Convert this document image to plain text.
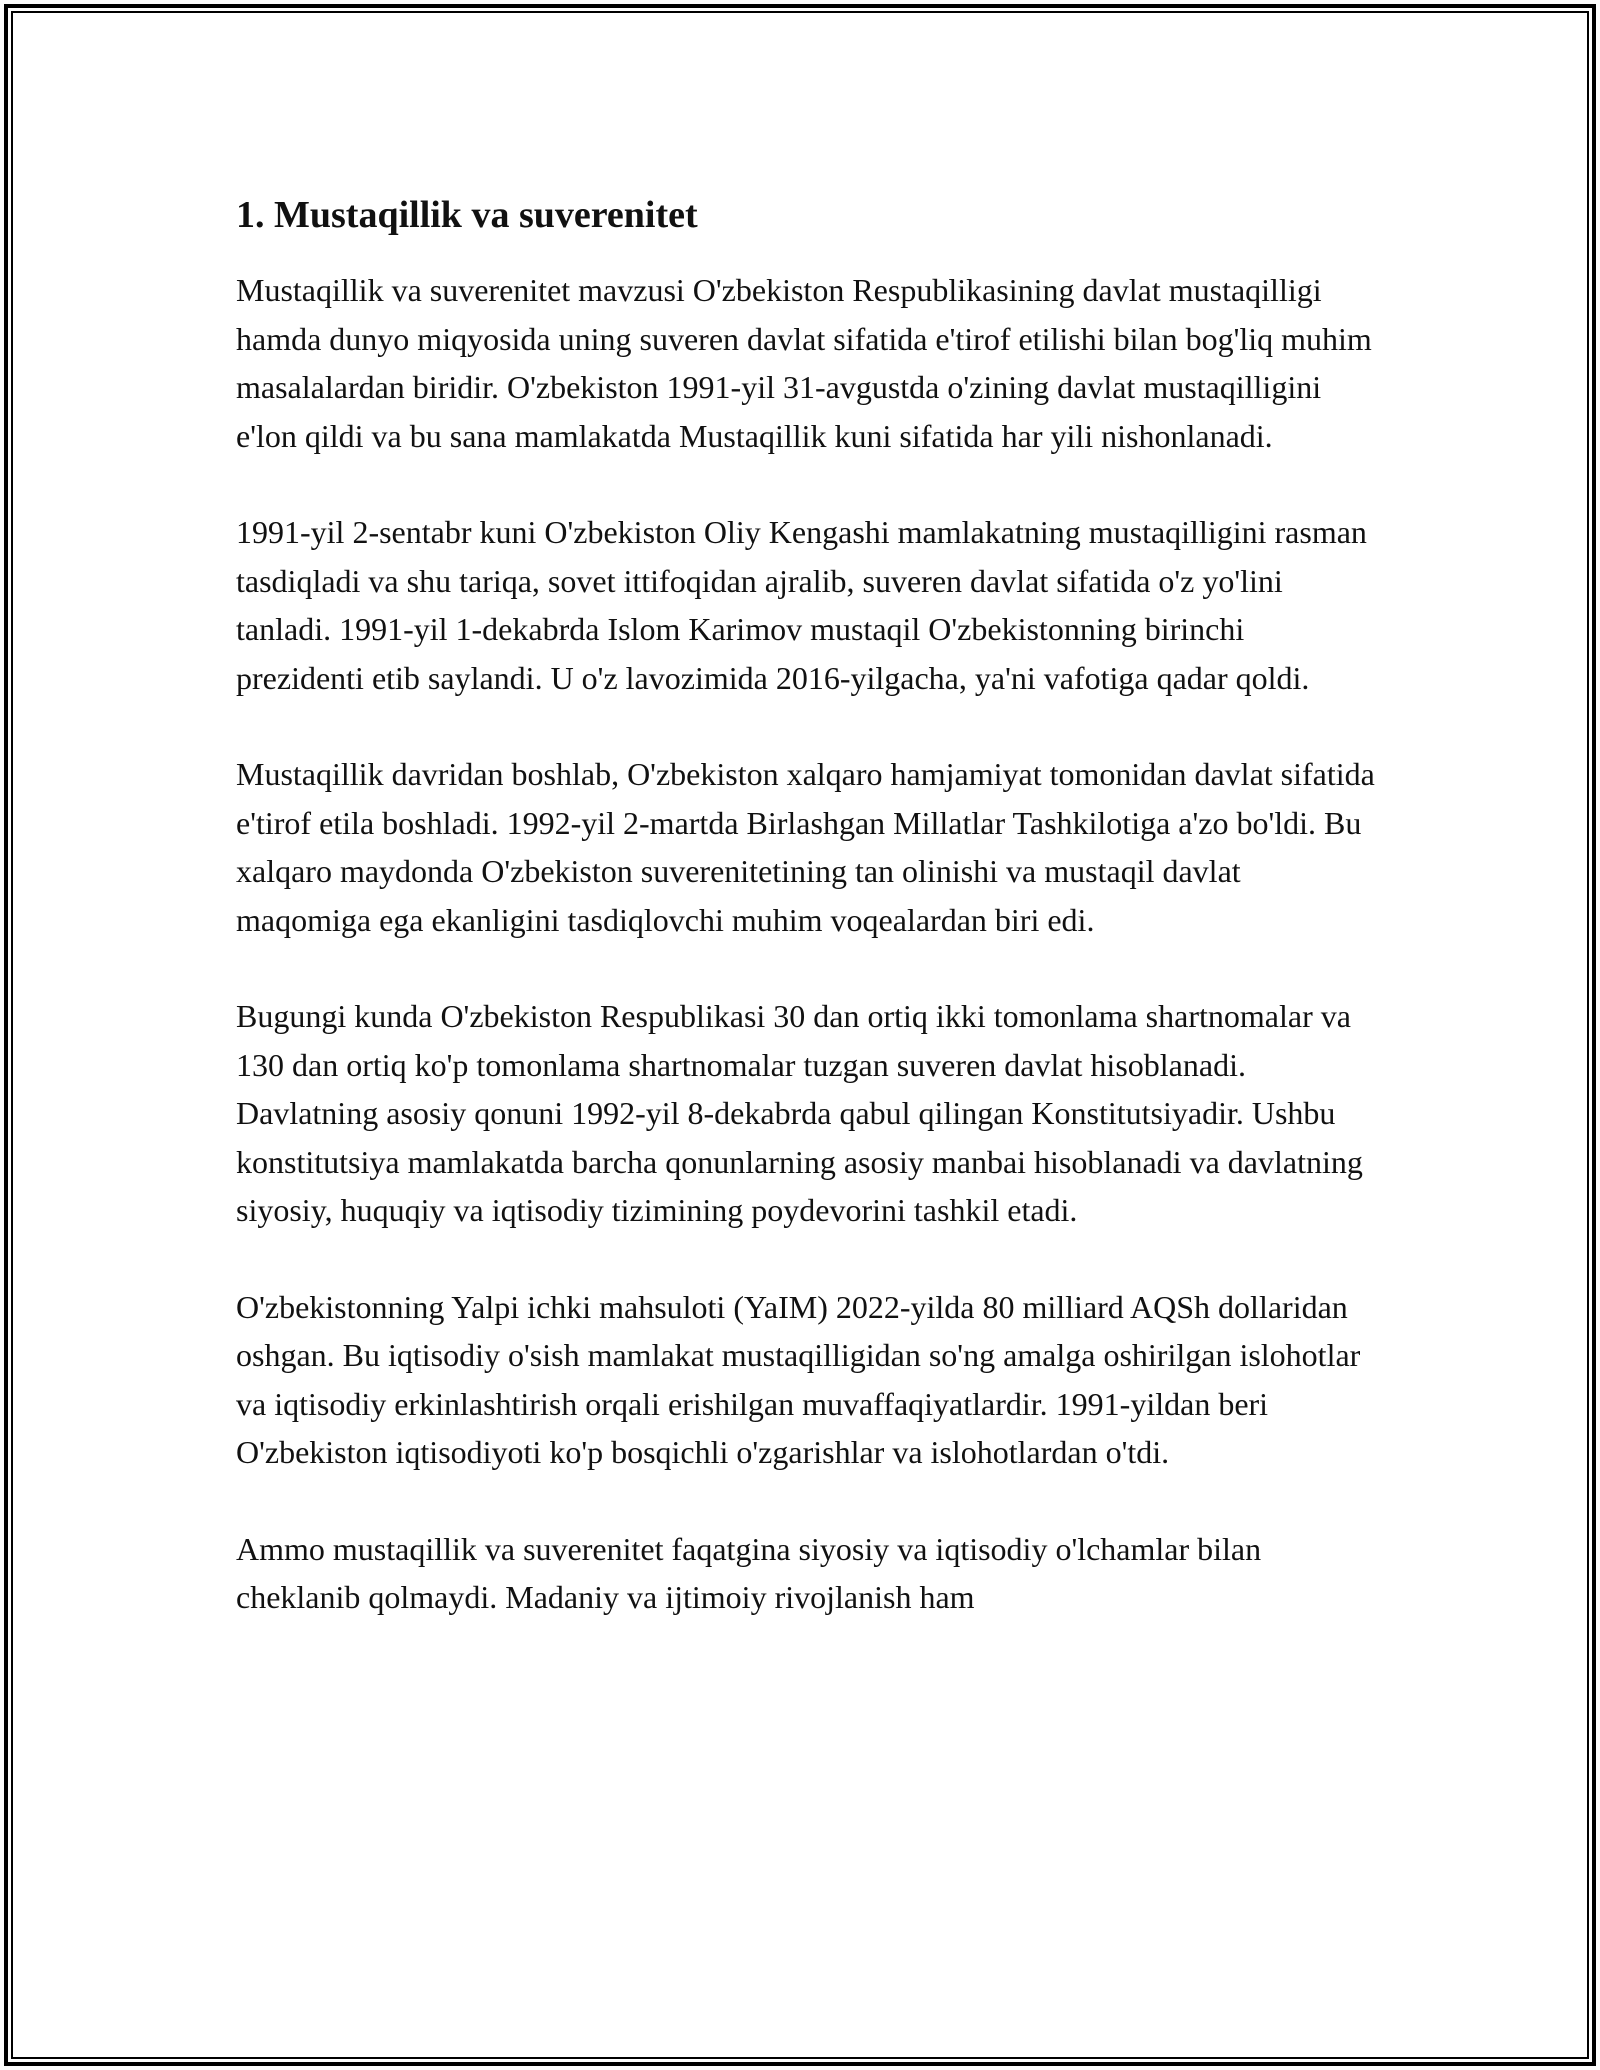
1. Mustaqillik va suverenitet

Mustaqillik va suverenitet mavzusi O'zbekiston Respublikasining davlat mustaqilligi hamda dunyo miqyosida uning suveren davlat sifatida e'tirof etilishi bilan bog'liq muhim masalalardan biridir. O'zbekiston 1991-yil 31-avgustda o'zining davlat mustaqilligini e'lon qildi va bu sana mamlakatda Mustaqillik kuni sifatida har yili nishonlanadi.

1991-yil 2-sentabr kuni O'zbekiston Oliy Kengashi mamlakatning mustaqilligini rasman tasdiqladi va shu tariqa, sovet ittifoqidan ajralib, suveren davlat sifatida o'z yo'lini tanladi. 1991-yil 1-dekabrda Islom Karimov mustaqil O'zbekistonning birinchi prezidenti etib saylandi. U o'z lavozimida 2016-yilgacha, ya'ni vafotiga qadar qoldi.

Mustaqillik davridan boshlab, O'zbekiston xalqaro hamjamiyat tomonidan davlat sifatida e'tirof etila boshladi. 1992-yil 2-martda Birlashgan Millatlar Tashkilotiga a'zo bo'ldi. Bu xalqaro maydonda O'zbekiston suverenitetining tan olinishi va mustaqil davlat maqomiga ega ekanligini tasdiqlovchi muhim voqealardan biri edi.

Bugungi kunda O'zbekiston Respublikasi 30 dan ortiq ikki tomonlama shartnomalar va 130 dan ortiq ko'p tomonlama shartnomalar tuzgan suveren davlat hisoblanadi. Davlatning asosiy qonuni 1992-yil 8-dekabrda qabul qilingan Konstitutsiyadir. Ushbu konstitutsiya mamlakatda barcha qonunlarning asosiy manbai hisoblanadi va davlatning siyosiy, huquqiy va iqtisodiy tizimining poydevorini tashkil etadi.

O'zbekistonning Yalpi ichki mahsuloti (YaIM) 2022-yilda 80 milliard AQSh dollaridan oshgan. Bu iqtisodiy o'sish mamlakat mustaqilligidan so'ng amalga oshirilgan islohotlar va iqtisodiy erkinlashtirish orqali erishilgan muvaffaqiyatlardir. 1991-yildan beri O'zbekiston iqtisodiyoti ko'p bosqichli o'zgarishlar va islohotlardan o'tdi.

Ammo mustaqillik va suverenitet faqatgina siyosiy va iqtisodiy o'lchamlar bilan cheklanib qolmaydi. Madaniy va ijtimoiy rivojlanish ham
